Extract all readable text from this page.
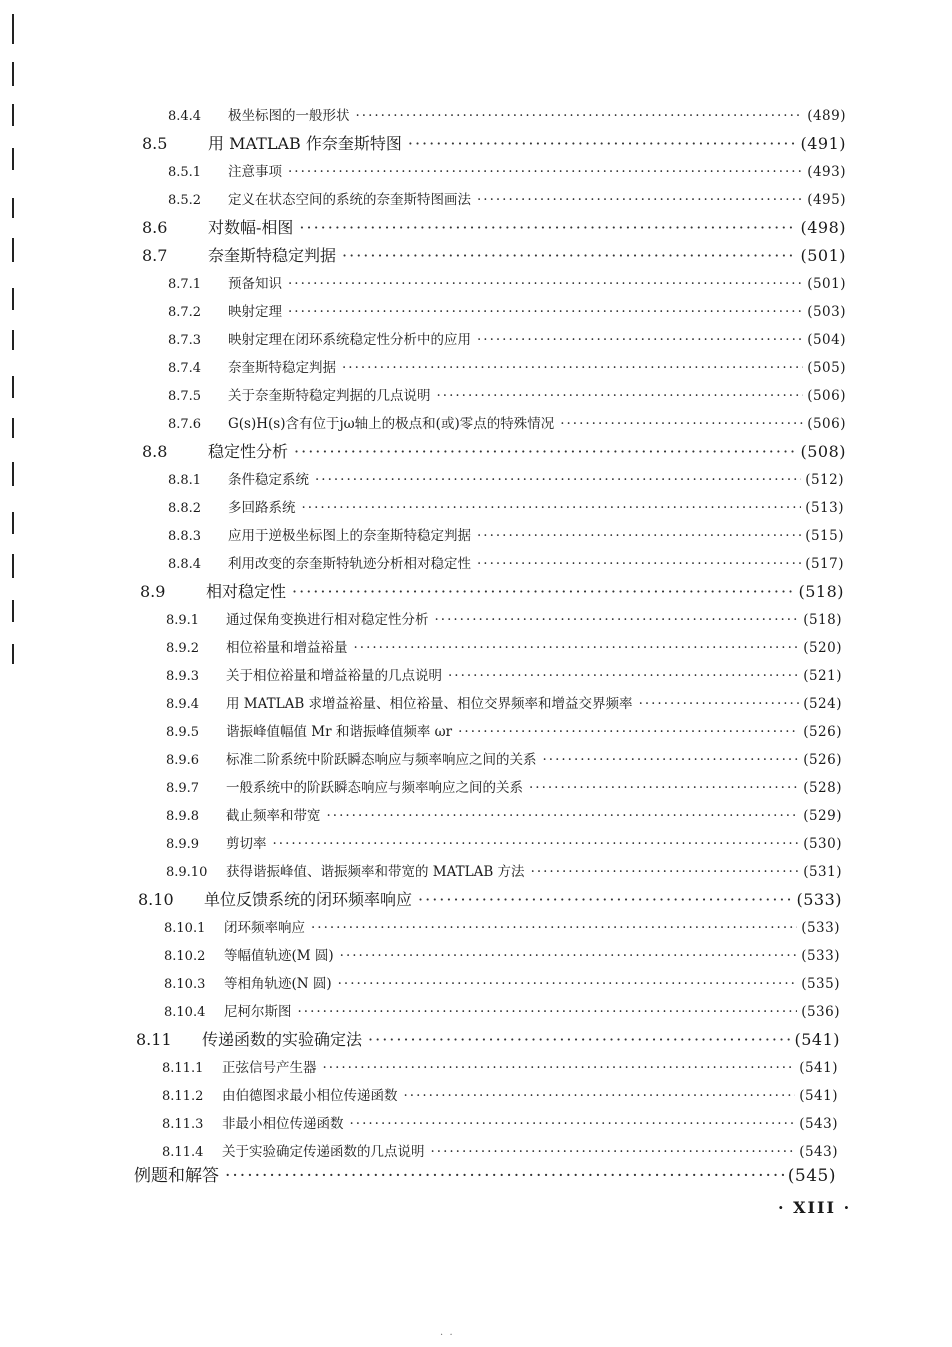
8.4.4	极坐标图的一般形状 ·····	(489)
8.5	用 MATLAB 作奈奎斯特图 ·····	(491)
8.5.1	注意事项 ·····	(493)
8.5.2	定义在状态空间的系统的奈奎斯特图画法 ·····	(495)
8.6	对数幅-相图 ·····	(498)
8.7	奈奎斯特稳定判据 ·····	(501)
8.7.1	预备知识 ·····	(501)
8.7.2	映射定理 ·····	(503)
8.7.3	映射定理在闭环系统稳定性分析中的应用 ·····	(504)
8.7.4	奈奎斯特稳定判据 ·····	(505)
8.7.5	关于奈奎斯特稳定判据的几点说明 ·····	(506)
8.7.6	G(s)H(s)含有位于jω轴上的极点和(或)零点的特殊情况 ·····	(506)
8.8	稳定性分析 ·····	(508)
8.8.1	条件稳定系统 ·····	(512)
8.8.2	多回路系统 ·····	(513)
8.8.3	应用于逆极坐标图上的奈奎斯特稳定判据 ·····	(515)
8.8.4	利用改变的奈奎斯特轨迹分析相对稳定性 ·····	(517)
8.9	相对稳定性 ·····	(518)
8.9.1	通过保角变换进行相对稳定性分析 ·····	(518)
8.9.2	相位裕量和增益裕量 ·····	(520)
8.9.3	关于相位裕量和增益裕量的几点说明 ·····	(521)
8.9.4	用 MATLAB 求增益裕量、相位裕量、相位交界频率和增益交界频率 ·····	(524)
8.9.5	谐振峰值幅值 Mr 和谐振峰值频率 ωr ·····	(526)
8.9.6	标准二阶系统中阶跃瞬态响应与频率响应之间的关系 ·····	(526)
8.9.7	一般系统中的阶跃瞬态响应与频率响应之间的关系 ·····	(528)
8.9.8	截止频率和带宽 ·····	(529)
8.9.9	剪切率 ·····	(530)
8.9.10	获得谐振峰值、谐振频率和带宽的 MATLAB 方法 ·····	(531)
8.10	单位反馈系统的闭环频率响应 ·····	(533)
8.10.1	闭环频率响应 ·····	(533)
8.10.2	等幅值轨迹(M 圆) ·····	(533)
8.10.3	等相角轨迹(N 圆) ·····	(535)
8.10.4	尼柯尔斯图 ·····	(536)
8.11	传递函数的实验确定法 ·····	(541)
8.11.1	正弦信号产生器 ·····	(541)
8.11.2	由伯德图求最小相位传递函数 ·····	(541)
8.11.3	非最小相位传递函数 ·····	(543)
8.11.4	关于实验确定传递函数的几点说明 ·····	(543)
例题和解答 ·····	(545)
· XIII ·
·  ·
